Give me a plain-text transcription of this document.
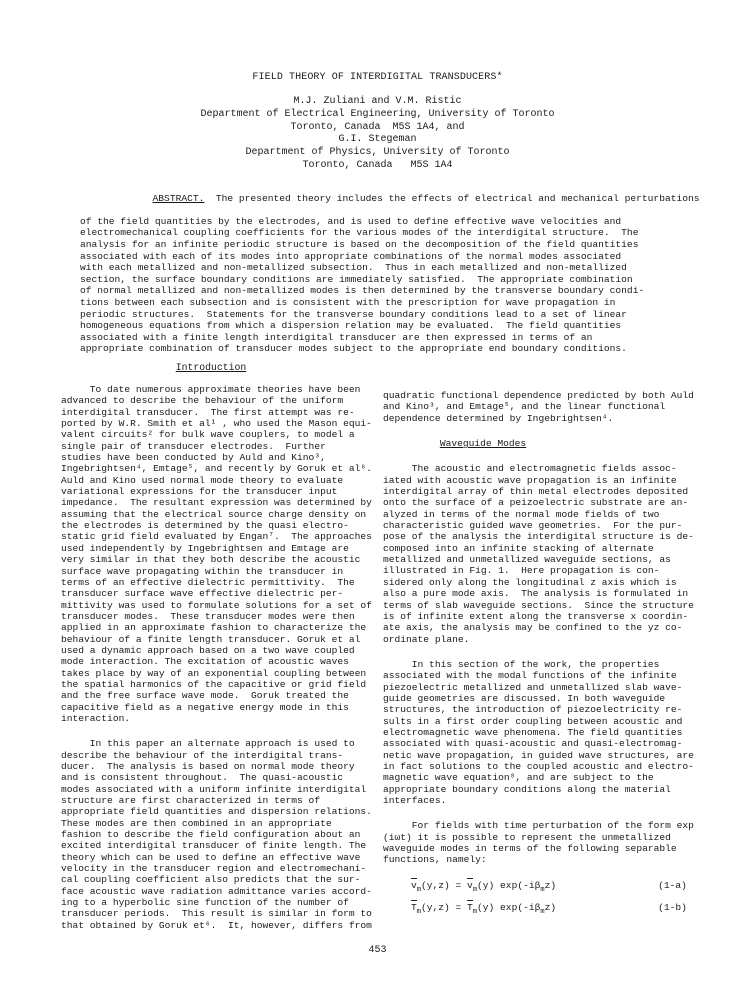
FIELD THEORY OF INTERDIGITAL TRANSDUCERS*
M.J. Zuliani and V.M. Ristic
Department of Electrical Engineering, University of Toronto
Toronto, Canada  M5S 1A4, and
G.I. Stegeman
Department of Physics, University of Toronto
Toronto, Canada   M5S 1A4

ABSTRACT.  The presented theory includes the effects of electrical and mechanical perturbations

of the field quantities by the electrodes, and is used to define effective wave velocities and
electromechanical coupling coefficients for the various modes of the interdigital structure.  The
analysis for an infinite periodic structure is based on the decomposition of the field quantities
associated with each of its modes into appropriate combinations of the normal modes associated
with each metallized and non-metallized subsection.  Thus in each metallized and non-metallized
section, the surface boundary conditions are immediately satisfied.  The appropriate combination
of normal metallized and non-metallized modes is then determined by the transverse boundary condi-
tions between each subsection and is consistent with the prescription for wave propagation in
periodic structures.  Statements for the transverse boundary conditions lead to a set of linear
homogeneous equations from which a dispersion relation may be evaluated.  The field quantities
associated with a finite length interdigital transducer are then expressed in terms of an
appropriate combination of transducer modes subject to the appropriate end boundary conditions.
Introduction
To date numerous approximate theories have been
advanced to describe the behaviour of the uniform
interdigital transducer.  The first attempt was re-
ported by W.R. Smith et al¹ , who used the Mason equi-
valent circuits² for bulk wave couplers, to model a
single pair of transducer electrodes.  Further
studies have been conducted by Auld and Kino³,
Ingebrightsen⁴, Emtage⁵, and recently by Goruk et al⁶.
Auld and Kino used normal mode theory to evaluate
variational expressions for the transducer input
impedance.  The resultant expression was determined by
assuming that the electrical source charge density on
the electrodes is determined by the quasi electro-
static grid field evaluated by Engan⁷.  The approaches
used independently by Ingebrightsen and Emtage are
very similar in that they both describe the acoustic
surface wave propagating within the transducer in
terms of an effective dielectric permittivity.  The
transducer surface wave effective dielectric per-
mittivity was used to formulate solutions for a set of
transducer modes.  These transducer modes were then
applied in an approximate fashion to characterize the
behaviour of a finite length transducer. Goruk et al
used a dynamic approach based on a two wave coupled
mode interaction. The excitation of acoustic waves
takes place by way of an exponential coupling between
the spatial harmonics of the capacitive or grid field
and the free surface wave mode.  Goruk treated the
capacitive field as a negative energy mode in this
interaction.
In this paper an alternate approach is used to
describe the behaviour of the interdigital trans-
ducer.  The analysis is based on normal mode theory
and is consistent throughout.  The quasi-acoustic
modes associated with a uniform infinite interdigital
structure are first characterized in terms of
appropriate field quantities and dispersion relations.
These modes are then combined in an appropriate
fashion to describe the field configuration about an
excited interdigital transducer of finite length. The
theory which can be used to define an effective wave
velocity in the transducer region and electromechani-
cal coupling coefficient also predicts that the sur-
face acoustic wave radiation admittance varies accord-
ing to a hyperbolic sine function of the number of
transducer periods.  This result is similar in form to
that obtained by Goruk et⁶.  It, however, differs from
quadratic functional dependence predicted by both Auld
and Kino³, and Emtage⁵, and the linear functional
dependence determined by Ingebrightsen⁴.
Waveguide Modes
The acoustic and electromagnetic fields assoc-
iated with acoustic wave propagation is an infinite
interdigital array of thin metal electrodes deposited
onto the surface of a peizoelectric substrate are an-
alyzed in terms of the normal mode fields of two
characteristic guided wave geometries.  For the pur-
pose of the analysis the interdigital structure is de-
composed into an infinite stacking of alternate
metallized and unmetallized waveguide sections, as
illustrated in Fig. 1.  Here propagation is con-
sidered only along the longitudinal z axis which is
also a pure mode axis.  The analysis is formulated in
terms of slab waveguide sections.  Since the structure
is of infinite extent along the transverse x coordin-
ate axis, the analysis may be confined to the yz co-
ordinate plane.
In this section of the work, the properties
associated with the modal functions of the infinite
piezoelectric metallized and unmetallized slab wave-
guide geometries are discussed. In both waveguide
structures, the introduction of piezoelectricity re-
sults in a first order coupling between acoustic and
electromagnetic wave phenomena. The field quantities
associated with quasi-acoustic and quasi-electromag-
netic wave propagation, in guided wave structures, are
in fact solutions to the coupled acoustic and electro-
magnetic wave equation⁸, and are subject to the
appropriate boundary conditions along the material
interfaces.
For fields with time perturbation of the form exp
(iωt) it is possible to represent the unmetallized
waveguide modes in terms of the following separable
functions, namely:
$v_m(y,z) = v_m(y)$ $\exp(-i\beta_mz)$	(1-a)
$T_m(y,z) = T_m(y)$ $\exp(-i\beta_mz)$	(1-b)
453
